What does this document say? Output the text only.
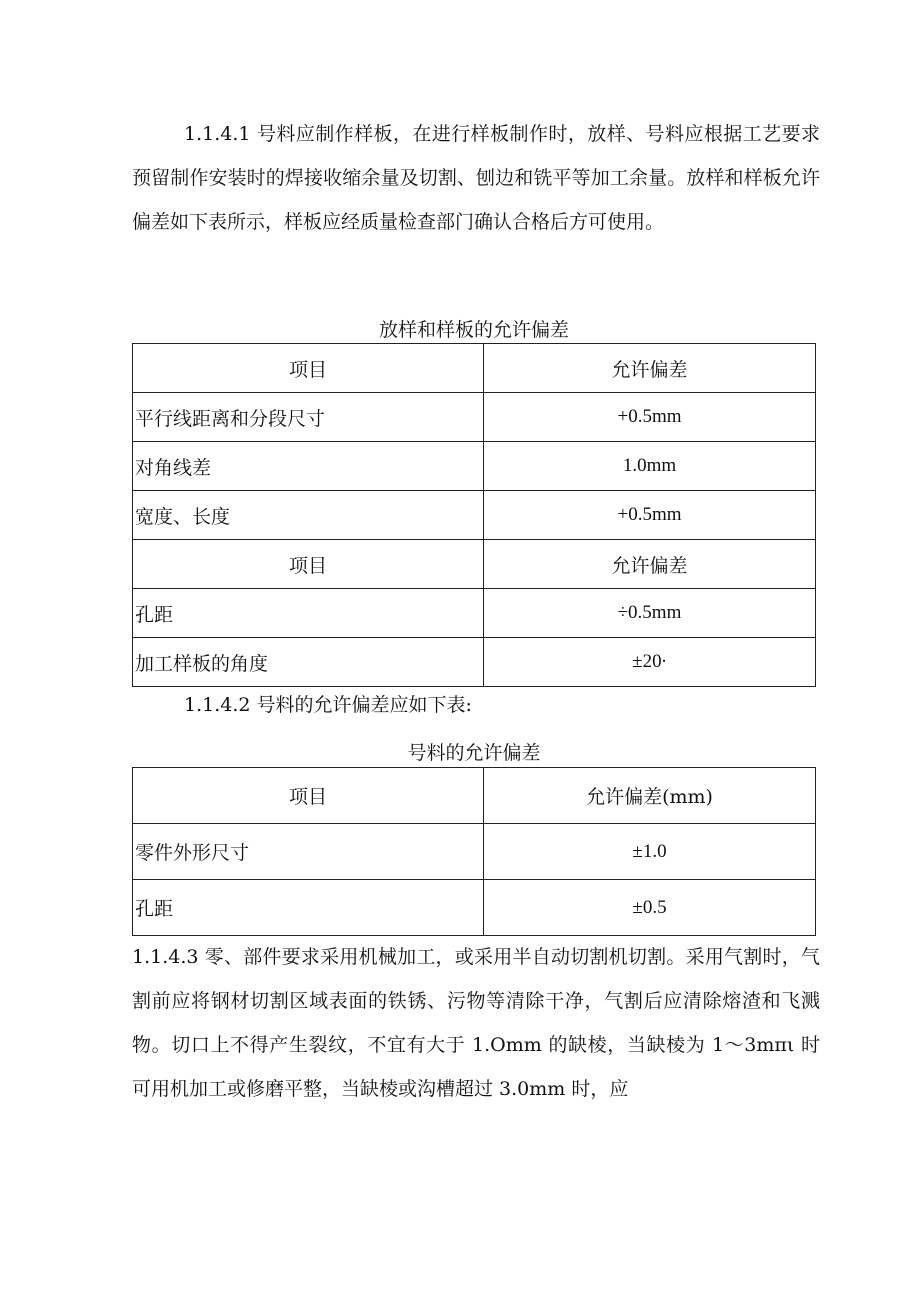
1.1.4.1 号料应制作样板，在进行样板制作时，放样、号料应根据工艺要求预留制作安装时的焊接收缩余量及切割、刨边和铣平等加工余量。放样和样板允许偏差如下表所示，样板应经质量检查部门确认合格后方可使用。
放样和样板的允许偏差
项目	允许偏差
平行线距离和分段尺寸	+0.5mm
对角线差	1.0mm
宽度、长度	+0.5mm
项目	允许偏差
孔距	÷0.5mm
加工样板的角度	±20·
1.1.4.2 号料的允许偏差应如下表:
号料的允许偏差
项目	允许偏差(mm)
零件外形尺寸	±1.0
孔距	±0.5
1.1.4.3 零、部件要求采用机械加工，或采用半自动切割机切割。采用气割时，气割前应将钢材切割区域表面的铁锈、污物等清除干净，气割后应清除熔渣和飞溅物。切口上不得产生裂纹，不宜有大于 1.Omm 的缺棱，当缺棱为 1～3mπι 时可用机加工或修磨平整，当缺棱或沟槽超过 3.0mm 时，应
